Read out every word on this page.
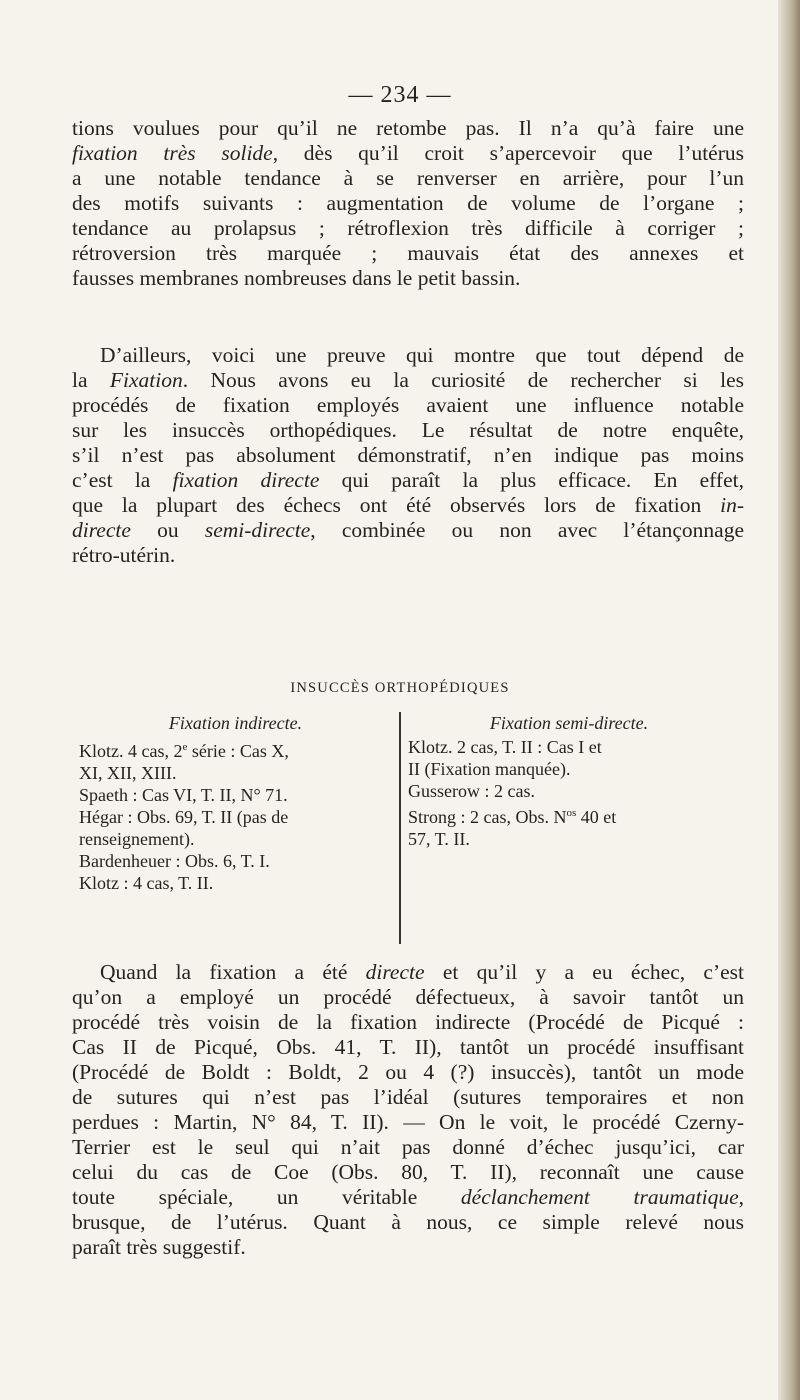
— 234 —
tions voulues pour qu’il ne retombe pas. Il n’a qu’à faire une
fixation très solide, dès qu’il croit s’apercevoir que l’utérus
a une notable tendance à se renverser en arrière, pour l’un
des motifs suivants : augmentation de volume de l’organe ;
tendance au prolapsus ; rétroflexion très difficile à corriger ;
rétroversion très marquée ; mauvais état des annexes et
fausses membranes nombreuses dans le petit bassin.
D’ailleurs, voici une preuve qui montre que tout dépend de
la Fixation. Nous avons eu la curiosité de rechercher si les
procédés de fixation employés avaient une influence notable
sur les insuccès orthopédiques. Le résultat de notre enquête,
s’il n’est pas absolument démonstratif, n’en indique pas moins
c’est la fixation directe qui paraît la plus efficace. En effet,
que la plupart des échecs ont été observés lors de fixation in-
directe ou semi-directe, combinée ou non avec l’étançonnage
rétro-utérin.
INSUCCÈS ORTHOPÉDIQUES
Fixation indirecte.
Klotz. 4 cas, 2e série : Cas X,
XI, XII, XIII.
Spaeth : Cas VI, T. II, N° 71.
Hégar : Obs. 69, T. II (pas de
renseignement).
Bardenheuer : Obs. 6, T. I.
Klotz : 4 cas, T. II.
Fixation semi-directe.
Klotz. 2 cas, T. II : Cas I et
II (Fixation manquée).
Gusserow : 2 cas.
Strong : 2 cas, Obs. $N^{os}$ 40 et
57, T. II.
Quand la fixation a été directe et qu’il y a eu échec, c’est
qu’on a employé un procédé défectueux, à savoir tantôt un
procédé très voisin de la fixation indirecte (Procédé de Picqué :
Cas II de Picqué, Obs. 41, T. II), tantôt un procédé insuffisant
(Procédé de Boldt : Boldt, 2 ou 4 (?) insuccès), tantôt un mode
de sutures qui n’est pas l’idéal (sutures temporaires et non
perdues : Martin, N° 84, T. II). — On le voit, le procédé Czerny-
Terrier est le seul qui n’ait pas donné d’échec jusqu’ici, car
celui du cas de Coe (Obs. 80, T. II), reconnaît une cause
toute spéciale, un véritable déclanchement traumatique,
brusque, de l’utérus. Quant à nous, ce simple relevé nous
paraît très suggestif.
